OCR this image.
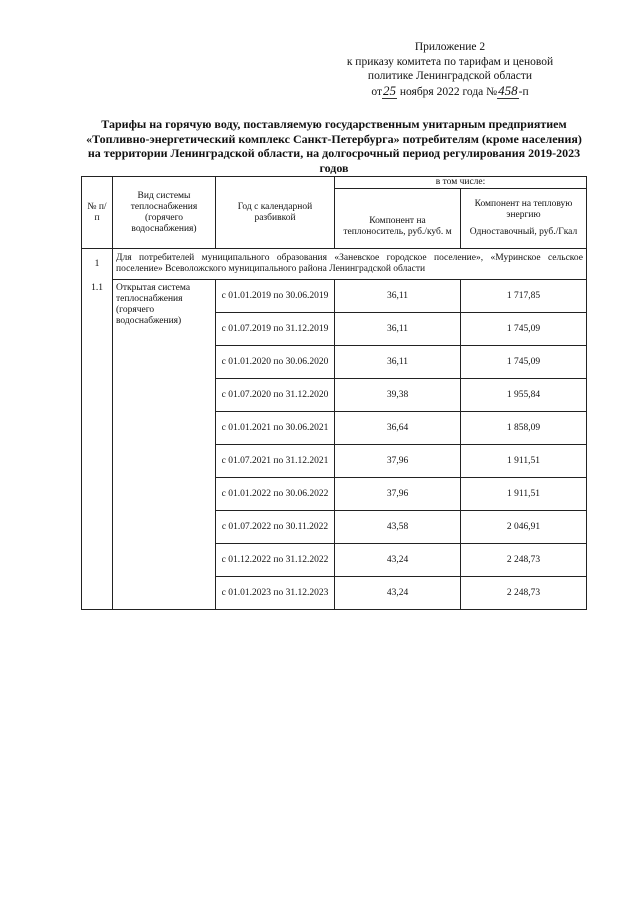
Приложение 2
к приказу комитета по тарифам и ценовой
политике Ленинградской области
от25 ноября 2022 года №458-п
Тарифы на горячую воду, поставляемую государственным унитарным предприятием
«Топливно-энергетический комплекс Санкт-Петербурга» потребителям (кроме населения)
на территории Ленинградской области, на долгосрочный период регулирования 2019-2023
годов
№ п/п	Вид системы теплоснабжения (горячего водоснабжения)	Год с календарной разбивкой	в том числе:	
			Компонент на теплоноситель, руб./куб. м	Компонент на тепловую энергию
Одноставочный, руб./Гкал

1	Для потребителей муниципального образования «Заневское городское поселение», «Муринское сельское поселение» Всеволожского муниципального района Ленинградской области			
1.1	Открытая система теплоснабжения (горячего водоснабжения)	с 01.01.2019 по 30.06.2019	36,11	1 717,85
		с 01.07.2019 по 31.12.2019	36,11	1 745,09
		с 01.01.2020 по 30.06.2020	36,11	1 745,09
		с 01.07.2020 по 31.12.2020	39,38	1 955,84
		с 01.01.2021 по 30.06.2021	36,64	1 858,09
		с 01.07.2021 по 31.12.2021	37,96	1 911,51
		с 01.01.2022 по 30.06.2022	37,96	1 911,51
		с 01.07.2022 по 30.11.2022	43,58	2 046,91
		с 01.12.2022 по 31.12.2022	43,24	2 248,73
		с 01.01.2023 по 31.12.2023	43,24	2 248,73
